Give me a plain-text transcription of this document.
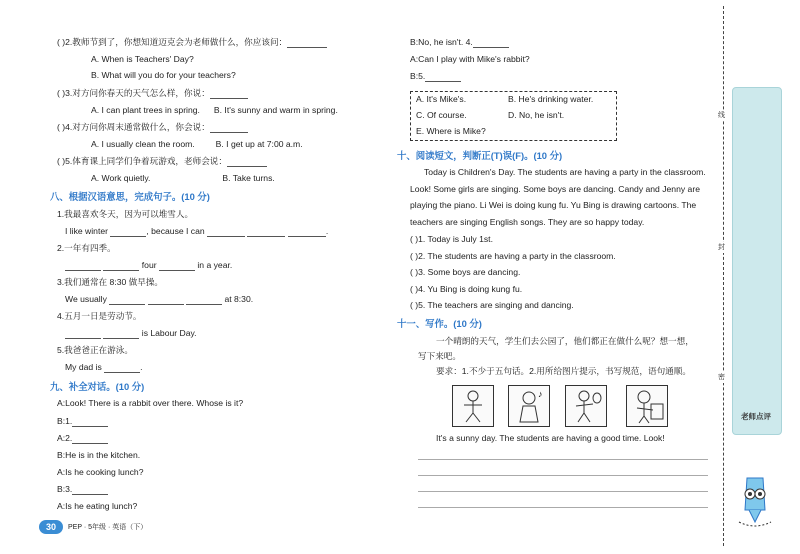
( )2.教师节到了，你想知道迈克会为老师做什么，你应该问：
A. When is Teachers' Day?
B. What will you do for your teachers?
( )3.对方问你春天的天气怎么样，你说：
A. I can plant trees in spring. B. It's sunny and warm in spring.
( )4.对方问你周末通常做什么，你会说：
A. I usually clean the room. B. I get up at 7:00 a.m.
( )5.体育课上同学们争着玩游戏，老师会说：
A. Work quietly.	B. Take turns.
八、根据汉语意思，完成句子。(10 分)
1.我最喜欢冬天，因为可以堆雪人。
I like winter	, because I can	.
2.一年有四季。
four	in a year.
3.我们通常在 8:30 做早操。
We usually	at 8:30.
4.五月一日是劳动节。
is Labour Day.
5.我爸爸正在游泳。
My dad is	.
九、补全对话。(10 分)
A:Look! There is a rabbit over there. Whose is it?
B:1.
A:2.
B:He is in the kitchen.
A:Is he cooking lunch?
B:3.
A:Is he eating lunch?
30	PEP · 5年级 · 英语（下）
B:No, he isn't. 4.
A:Can I play with Mike's rabbit?
B:5.
A. It's Mike's.	B. He's drinking water.
C. Of course.	D. No, he isn't.
E. Where is Mike?
十、阅读短文，判断正(T)误(F)。(10 分)
Today is Children's Day. The students are having a party in the classroom.
Look! Some girls are singing. Some boys are dancing. Candy and Jenny are
playing the piano. Li Wei is doing kung fu. Yu Bing is drawing cartoons. The
teachers are singing English songs. They are so happy today.
( )1. Today is July 1st.
( )2. The students are having a party in the classroom.
( )3. Some boys are dancing.
( )4. Yu Bing is doing kung fu.
( )5. The teachers are singing and dancing.
十一、写作。(10 分)
一个晴朗的天气，学生们去公园了，他们都正在做什么呢？想一想，
写下来吧。
要求：1.不少于五句话。2.用所给图片提示，书写规范，语句通顺。
♪
It's a sunny day. The students are having a good time. Look!
线
封
密
老师点评
